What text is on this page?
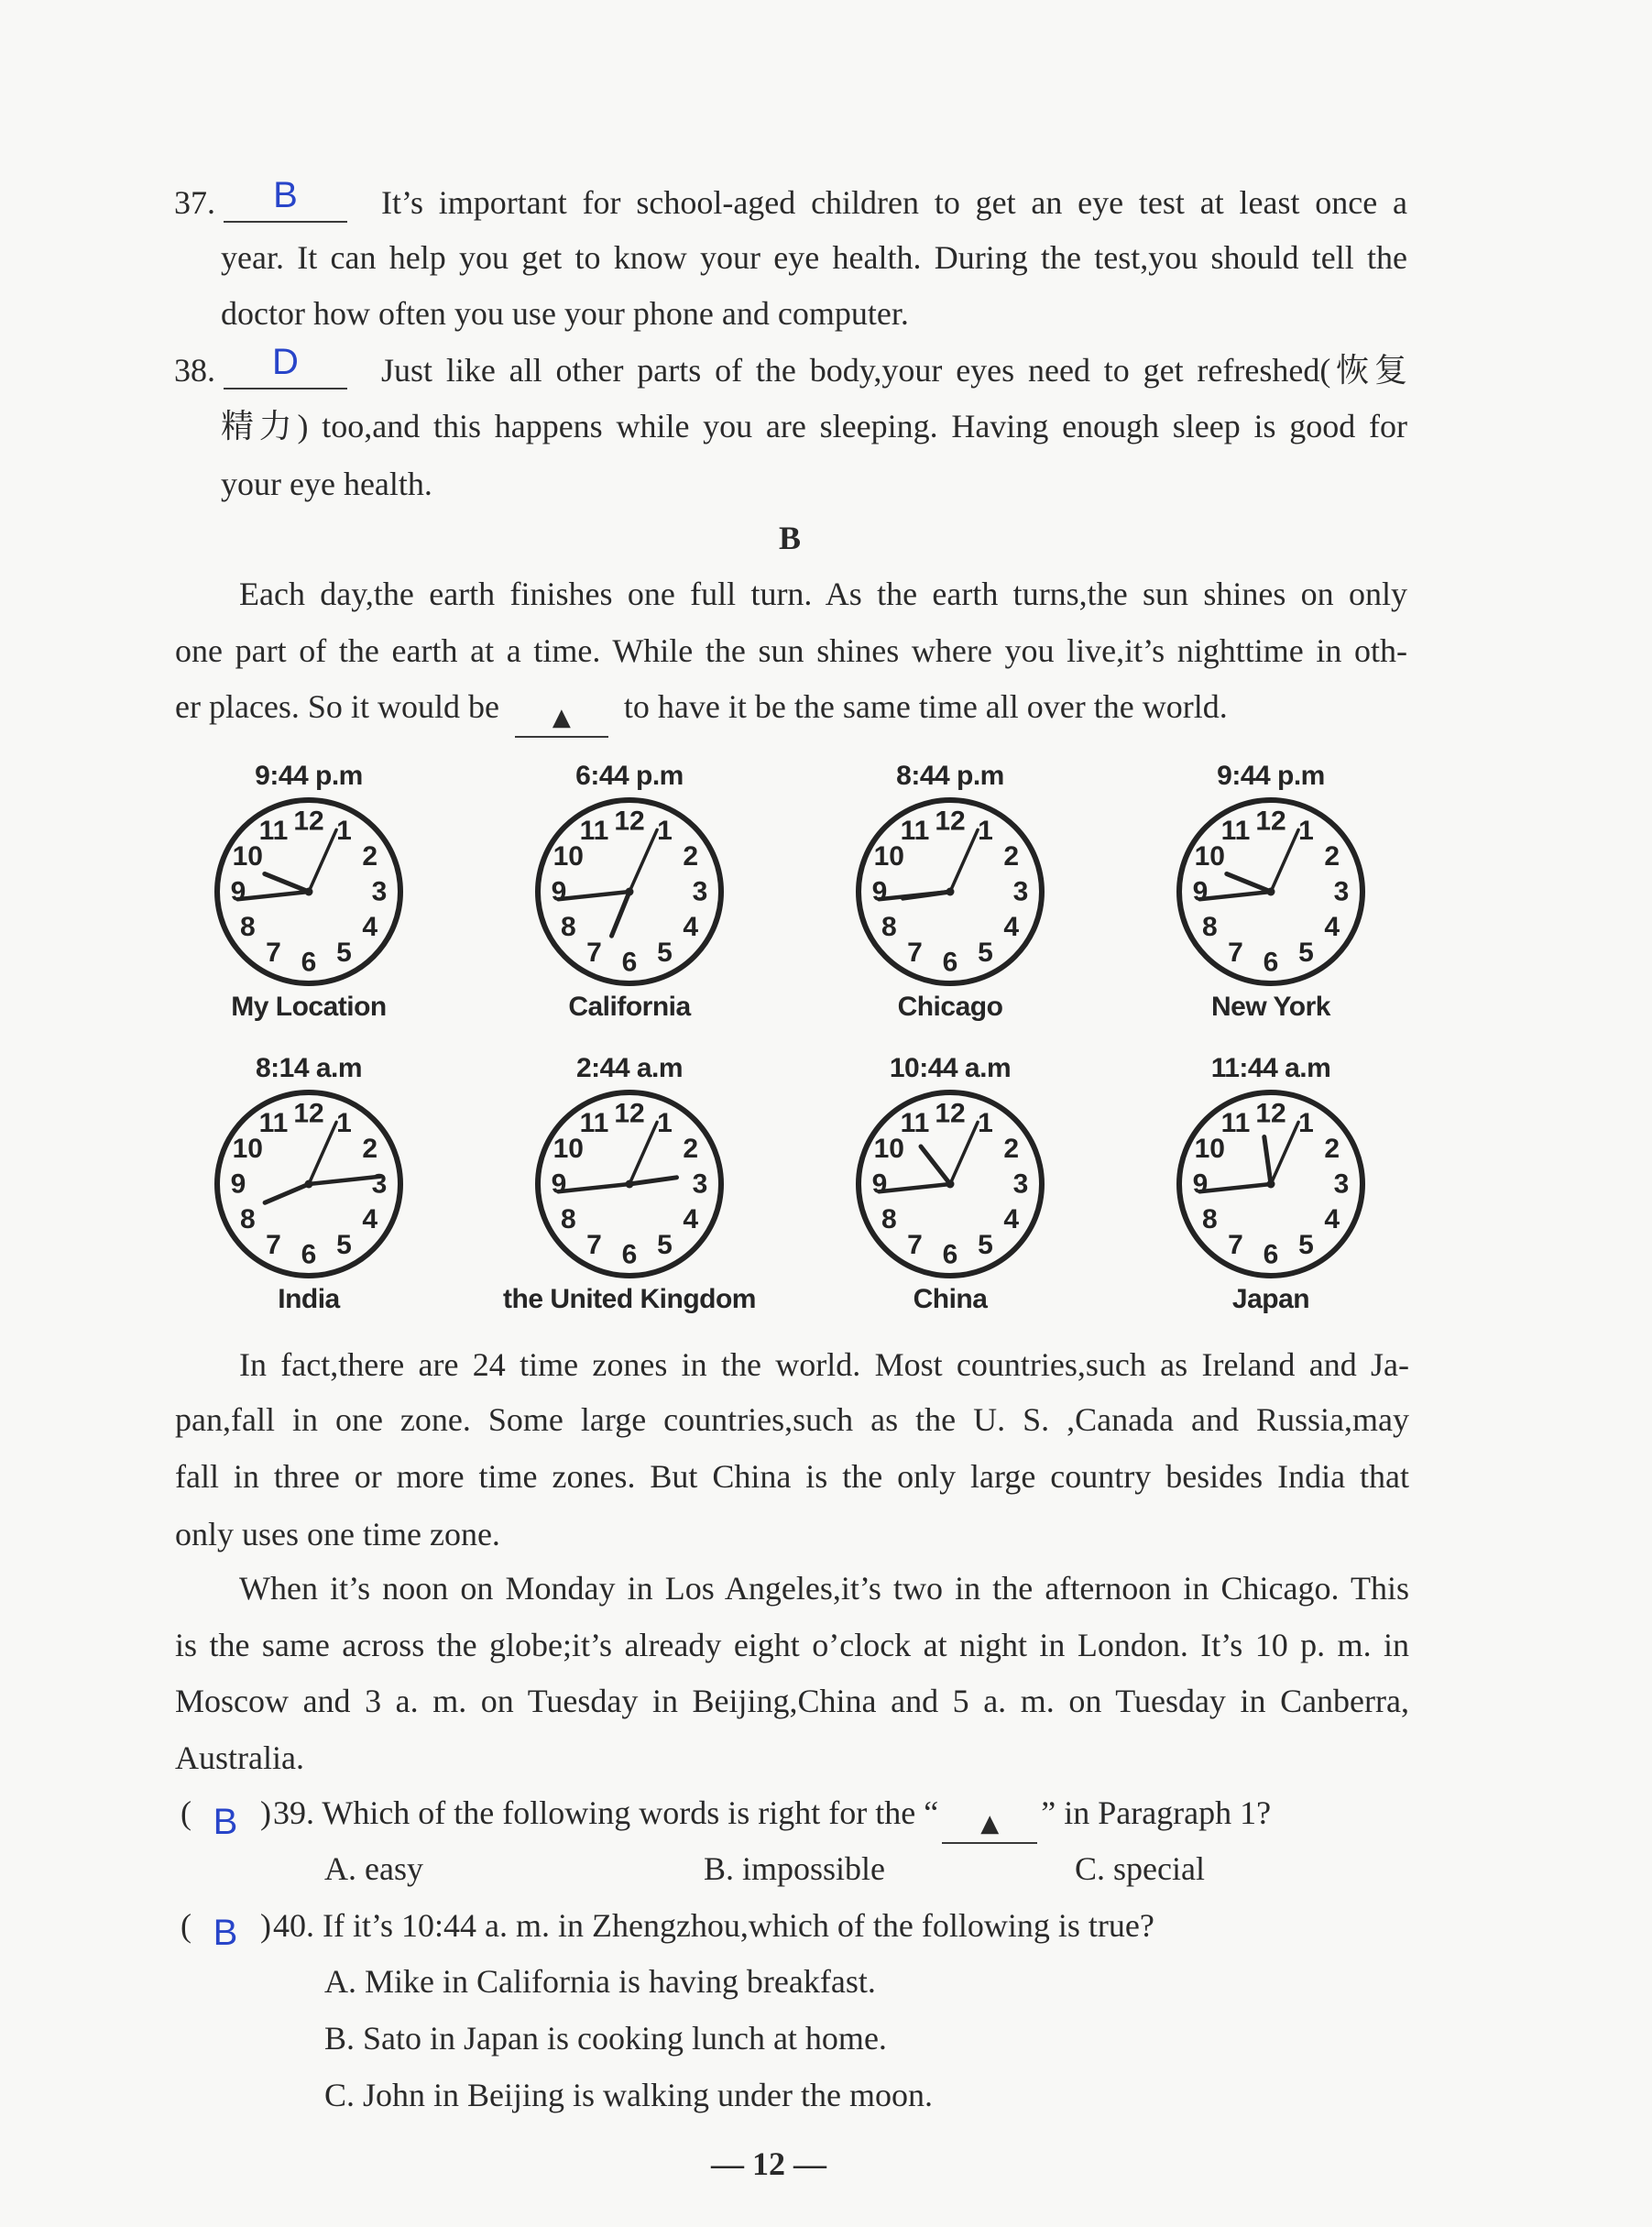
37.	B	It’s important for school-aged children to get an eye test at least once a
year. It can help you get to know your eye health. During the test,you should tell the
doctor how often you use your phone and computer.
38.	D	Just like all other parts of the body,your eyes need to get refreshed(恢复
精力) too,and this happens while you are sleeping. Having enough sleep is good for
your eye health.
B
Each day,the earth finishes one full turn. As the earth turns,the sun shines on only
one part of the earth at a time. While the sun shines where you live,it’s nighttime in oth-
er places. So it would be ▲ to have it be the same time all over the world.
9:44 p.m
12 1
2
3
4
5
6
7
8
9
10
11
My Location
6:44 p.m
12 1
2
3
4
5
6
7
8
9
10
11
California
8:44 p.m
12 1
2
3
4
5
6
7
8
9
10
11
Chicago
9:44 p.m
12 1
2
3
4
5
6
7
8
9
10
11
New York
8:14 a.m
12 1
2
3
4
5
6
7
8
9
10
11
India
2:44 a.m
12 1
2
3
4
5
6
7
8
9
10
11
the United Kingdom
10:44 a.m
12 1
2
3
4
5
6
7
8
9
10
11
China
11:44 a.m
12 1
2
3
4
5
6
7
8
9
10
11
Japan
In fact,there are 24 time zones in the world. Most countries,such as Ireland and Ja-
pan,fall in one zone. Some large countries,such as the U. S. ,Canada and Russia,may
fall in three or more time zones. But China is the only large country besides India that
only uses one time zone.
When it’s noon on Monday in Los Angeles,it’s two in the afternoon in Chicago. This
is the same across the globe;it’s already eight o’clock at night in London. It’s 10 p. m. in
Moscow and 3 a. m. on Tuesday in Beijing,China and 5 a. m. on Tuesday in Canberra,
Australia.
( B ) 39. Which of the following words is right for the “ ▲ ” in Paragraph 1?
A. easy	B. impossible	C. special
( B ) 40. If it’s 10:44 a. m. in Zhengzhou,which of the following is true?
A. Mike in California is having breakfast.
B. Sato in Japan is cooking lunch at home.
C. John in Beijing is walking under the moon.
— 12 —
